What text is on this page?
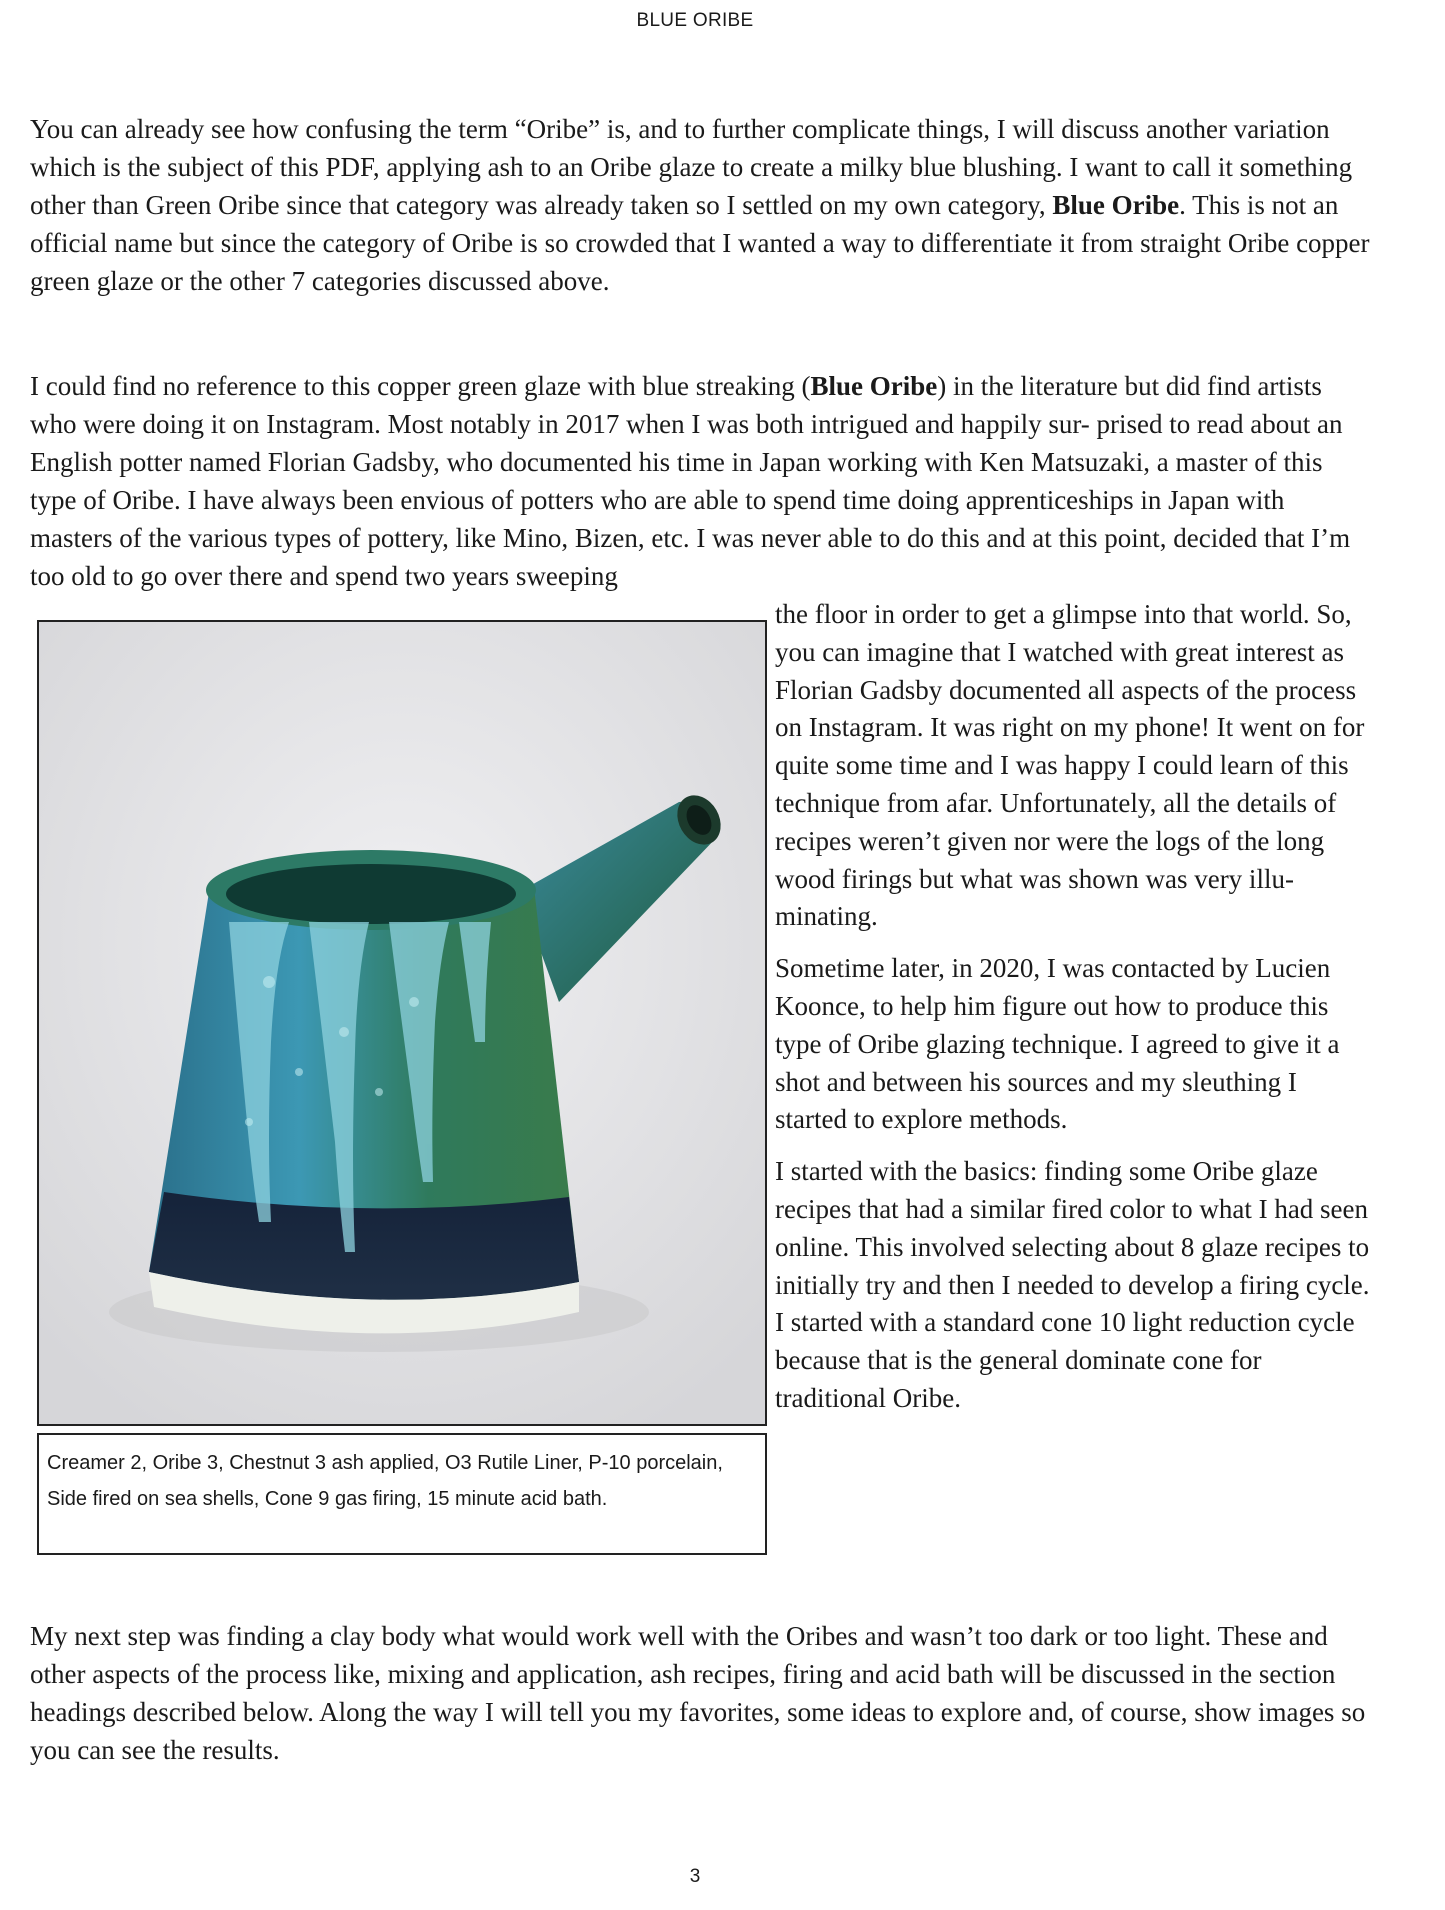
BLUE ORIBE

You can already see how confusing the term “Oribe” is, and to further complicate things, I will discuss another variation which is the subject of this PDF, applying ash to an Oribe glaze to create a milky blue blushing. I want to call it something other than Green Oribe since that category was already taken so I settled on my own category, Blue Oribe. This is not an official name but since the category of Oribe is so crowded that I wanted a way to differentiate it from straight Oribe copper green glaze or the other 7 categories discussed above.

I could find no reference to this copper green glaze with blue streaking (Blue Oribe) in the literature but did find artists who were doing it on Instagram. Most notably in 2017 when I was both intrigued and happily sur- prised to read about an English potter named Florian Gadsby, who documented his time in Japan working with Ken Matsuzaki, a master of this type of Oribe. I have always been envious of potters who are able to spend time doing apprenticeships in Japan with masters of the various types of pottery, like Mino, Bizen, etc. I was never able to do this and at this point, decided that I’m too old to go over there and spend two years sweeping

Creamer 2, Oribe 3, Chestnut 3 ash applied, O3 Rutile Liner, P-10 porcelain, Side fired on sea shells, Cone 9 gas firing, 15 minute acid bath.

the floor in order to get a glimpse into that world. So, you can imagine that I watched with great interest as Florian Gadsby documented all aspects of the process on Instagram. It was right on my phone! It went on for quite some time and I was happy I could learn of this technique from afar. Unfortunately, all the details of recipes weren’t given nor were the logs of the long wood firings but what was shown was very illu- minating.

Sometime later, in 2020, I was contacted by Lucien Koonce, to help him figure out how to produce this type of Oribe glazing technique. I agreed to give it a shot and between his sources and my sleuthing I started to explore methods.

I started with the basics: finding some Oribe glaze recipes that had a similar fired color to what I had seen online. This involved selecting about 8 glaze recipes to initially try and then I needed to develop a firing cycle. I started with a standard cone 10 light reduction cycle because that is the general dominate cone for traditional Oribe.

My next step was finding a clay body what would work well with the Oribes and wasn’t too dark or too light. These and other aspects of the process like, mixing and application, ash recipes, firing and acid bath will be discussed in the section headings described below. Along the way I will tell you my favorites, some ideas to explore and, of course, show images so you can see the results.

3
